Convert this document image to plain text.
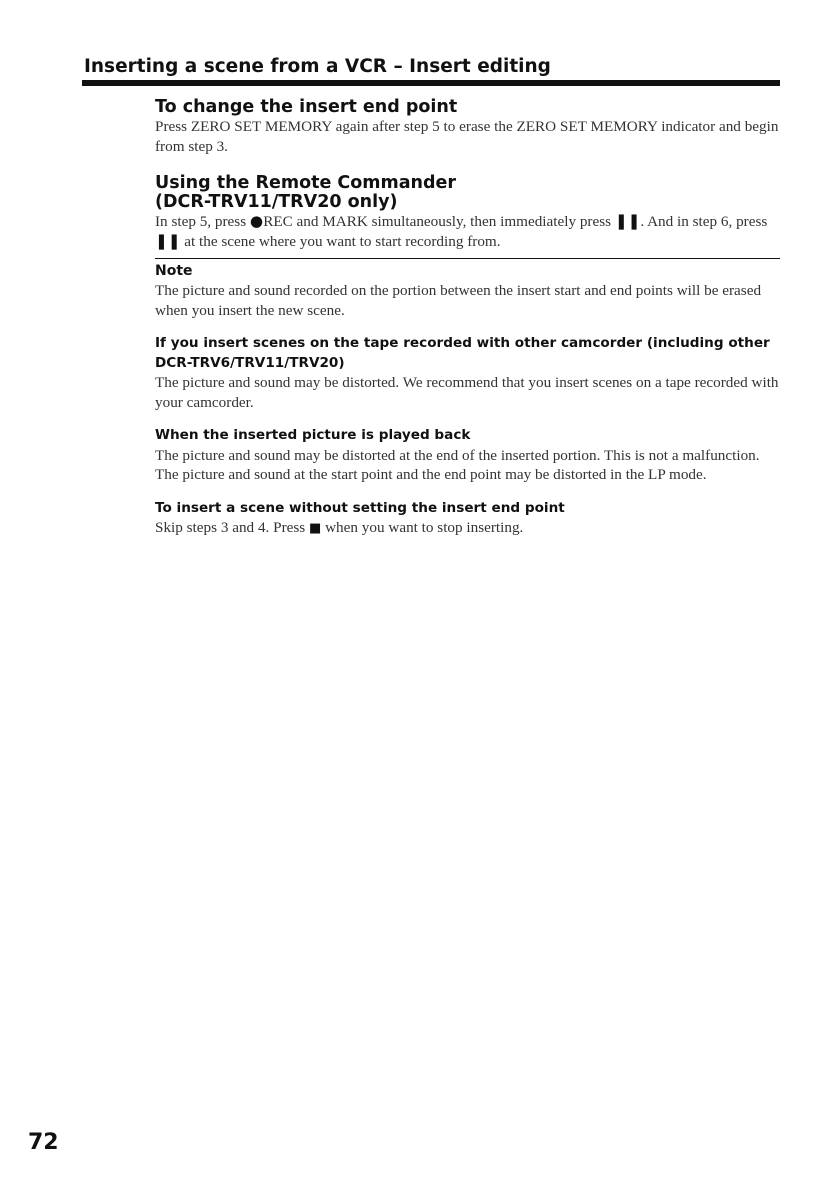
Inserting a scene from a VCR – Insert editing
To change the insert end point

Press ZERO SET MEMORY again after step 5 to erase the ZERO SET MEMORY indicator and begin from step 3.

Using the Remote Commander
(DCR-TRV11/TRV20 only)

In step 5, press ●REC and MARK simultaneously, then immediately press ❚❚. And in step 6, press ❚❚ at the scene where you want to start recording from.

Note

The picture and sound recorded on the portion between the insert start and end points will be erased when you insert the new scene.

If you insert scenes on the tape recorded with other camcorder (including other DCR-TRV6/TRV11/TRV20)

The picture and sound may be distorted. We recommend that you insert scenes on a tape recorded with your camcorder.

When the inserted picture is played back

The picture and sound may be distorted at the end of the inserted portion. This is not a malfunction.

The picture and sound at the start point and the end point may be distorted in the LP mode.

To insert a scene without setting the insert end point

Skip steps 3 and 4. Press ■ when you want to stop inserting.

72
